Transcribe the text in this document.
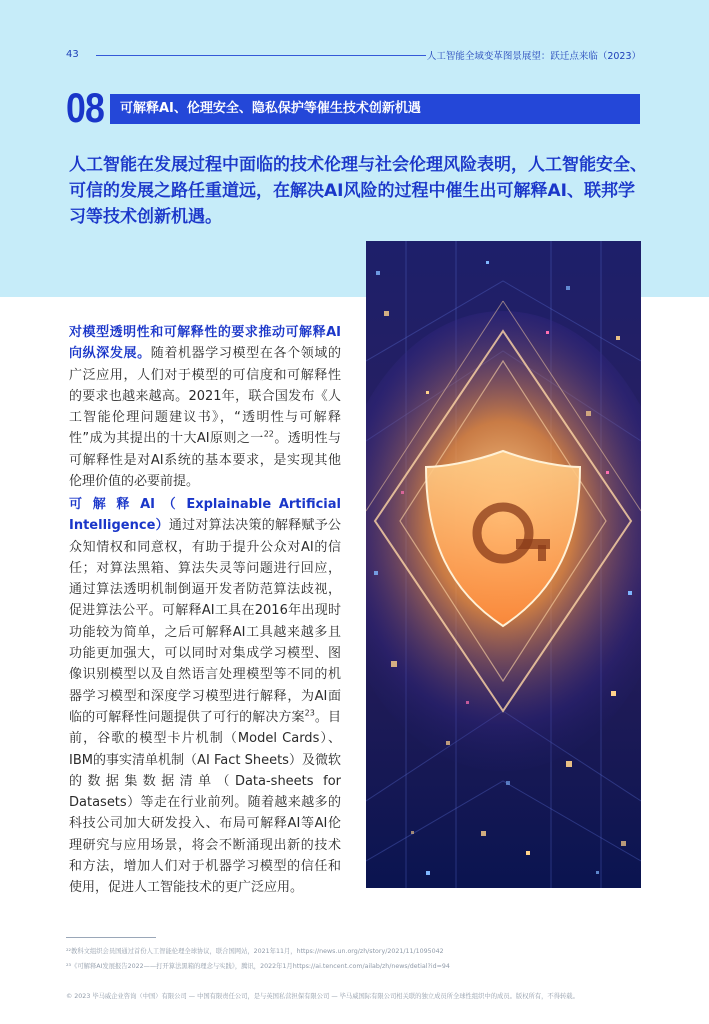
43	人工智能全域变革图景展望：跃迁点来临（2023）
08 可解释AI、伦理安全、隐私保护等催生技术创新机遇
人工智能在发展过程中面临的技术伦理与社会伦理风险表明，人工智能安全、可信的发展之路任重道远，在解决AI风险的过程中催生出可解释AI、联邦学习等技术创新机遇。
对模型透明性和可解释性的要求推动可解释AI向纵深发展。随着机器学习模型在各个领域的广泛应用，人们对于模型的可信度和可解释性的要求也越来越高。2021年，联合国发布《人工智能伦理问题建议书》，“透明性与可解释性”成为其提出的十大AI原则之一$^{22}$。透明性与可解释性是对AI系统的基本要求，是实现其他伦理价值的必要前提。
可 解 释 AI （ Explainable Artificial Intelligence）通过对算法决策的解释赋予公众知情权和同意权，有助于提升公众对AI的信任；对算法黑箱、算法失灵等问题进行回应，通过算法透明机制倒逼开发者防范算法歧视，促进算法公平。可解释AI工具在2016年出现时功能较为简单，之后可解释AI工具越来越多且功能更加强大，可以同时对集成学习模型、图像识别模型以及自然语言处理模型等不同的机器学习模型和深度学习模型进行解释，为AI面临的可解释性问题提供了可行的解决方案$^{23}$。目前，谷歌的模型卡片机制（Model Cards）、IBM的事实清单机制（AI Fact Sheets）及微软的数据集数据清单（Data-sheets for Datasets）等走在行业前列。随着越来越多的科技公司加大研发投入、布局可解释AI等AI伦理研究与应用场景，将会不断涌现出新的技术和方法，增加人们对于机器学习模型的信任和使用，促进人工智能技术的更广泛应用。
²²教科文组织会员国通过首份人工智能伦理全球协议，联合国网站，2021年11月，https://news.un.org/zh/story/2021/11/1095042
²³《可解释AI发展报告2022——打开算法黑箱的理念与实践》，腾讯，2022年1月https://ai.tencent.com/ailab/zh/news/detial?id=94
© 2023 毕马威企业咨询（中国）有限公司 — 中国有限责任公司，是与英国私营担保有限公司 — 毕马威国际有限公司相关联的独立成员所全球性组织中的成员。版权所有，不得转载。
